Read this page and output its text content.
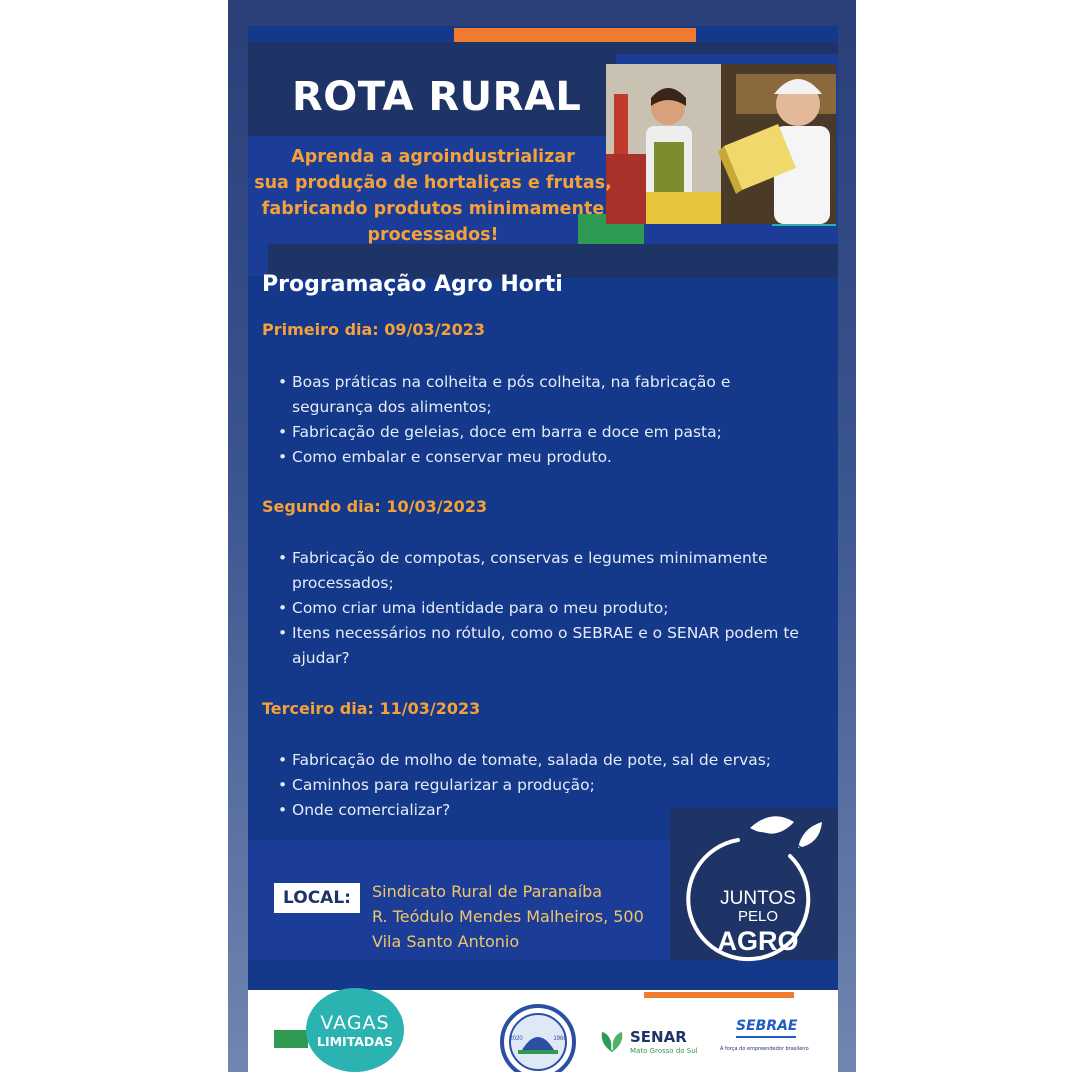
ROTA RURAL
Aprenda a agroindustrializar
sua produção de hortaliças e frutas,
fabricando produtos minimamente
processados!
Programação Agro Horti
Primeiro dia: 09/03/2023
• Boas práticas na colheita e pós colheita, na fabricação e
segurança dos alimentos;
• Fabricação de geleias, doce em barra e doce em pasta;
• Como embalar e conservar meu produto.
Segundo dia: 10/03/2023
• Fabricação de compotas, conservas e legumes minimamente
processados;
• Como criar uma identidade para o meu produto;
• Itens necessários no rótulo, como o SEBRAE e o SENAR podem te
ajudar?
Terceiro dia: 11/03/2023
• Fabricação de molho de tomate, salada de pote, sal de ervas;
• Caminhos para regularizar a produção;
• Onde comercializar?
JUNTOS
PELO
AGRO
LOCAL:	Sindicato Rural de Paranaíba
R. Teódulo Mendes Malheiros, 500
Vila Santo Antonio
VAGAS
LIMITADAS	2020	1968	SENAR
Mato Grosso do Sul
SEBRAE
A força do empreendedor brasileiro
